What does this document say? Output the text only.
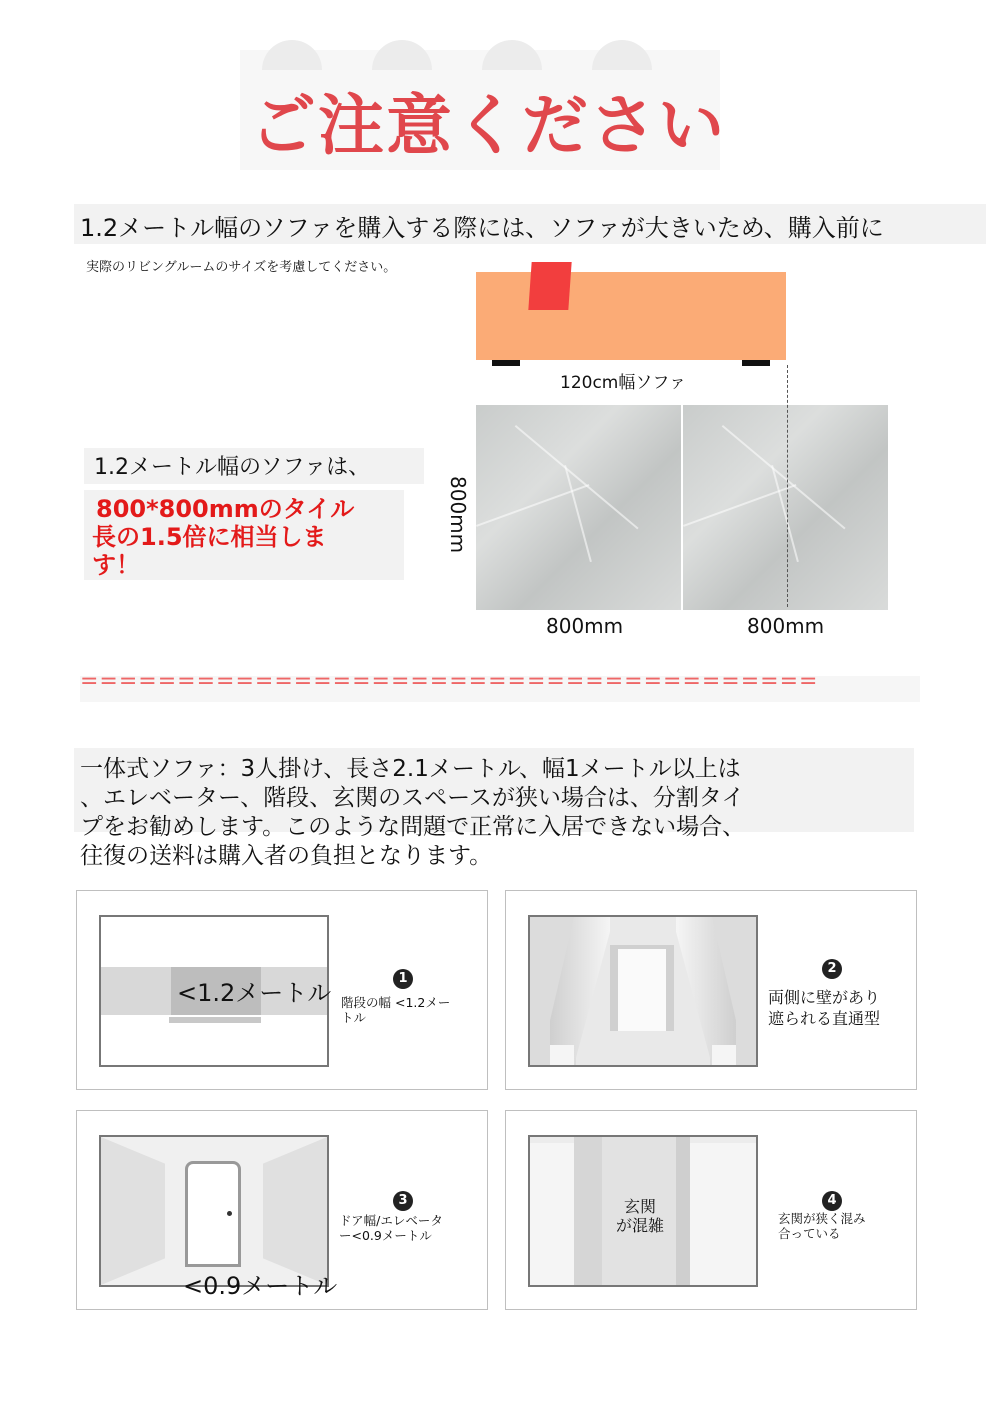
ご注意ください
1.2メートル幅のソファを購入する際には、ソファが大きいため、購入前に
実際のリビングルームのサイズを考慮してください。
120cm幅ソファ
800mm
800mm	800mm
1.2メートル幅のソファは、
800*800mmのタイル
長の1.5倍に相当しま
す！
======================================
一体式ソファ：3人掛け、長さ2.1メートル、幅1メートル以上は
、エレベーター、階段、玄関のスペースが狭い場合は、分割タイ
プをお勧めします。このような問題で正常に入居できない場合、
往復の送料は購入者の負担となります。
<1.2メートル
1
階段の幅 <1.2メー
トル
2
両側に壁があり
遮られる直通型
<0.9メートル
3
ドア幅/エレベータ
ー<0.9メートル
玄関
が混雑
4
玄関が狭く混み
合っている
